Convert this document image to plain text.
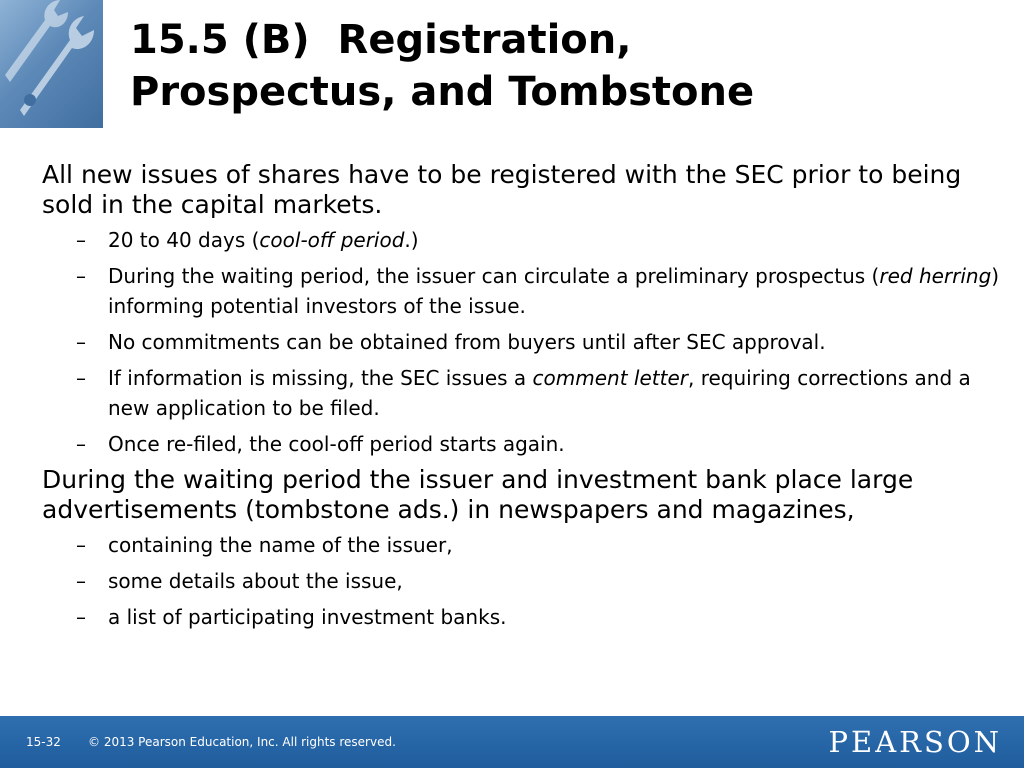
15.5 (B)  Registration,
Prospectus, and Tombstone

All new issues of shares have to be registered with the SEC prior to being sold in the capital markets.

– 20 to 40 days (cool-off period.)
– During the waiting period, the issuer can circulate a preliminary prospectus (red herring) informing potential investors of the issue.
– No commitments can be obtained from buyers until after SEC approval.
– If information is missing, the SEC issues a comment letter, requiring corrections and a new application to be filed.
– Once re-filed, the cool-off period starts again.

During the waiting period the issuer and investment bank place large advertisements (tombstone ads.) in newspapers and magazines,

– containing the name of the issuer,
– some details about the issue,
– a list of participating investment banks.
15-32 © 2013 Pearson Education, Inc. All rights reserved.	PEARSON
